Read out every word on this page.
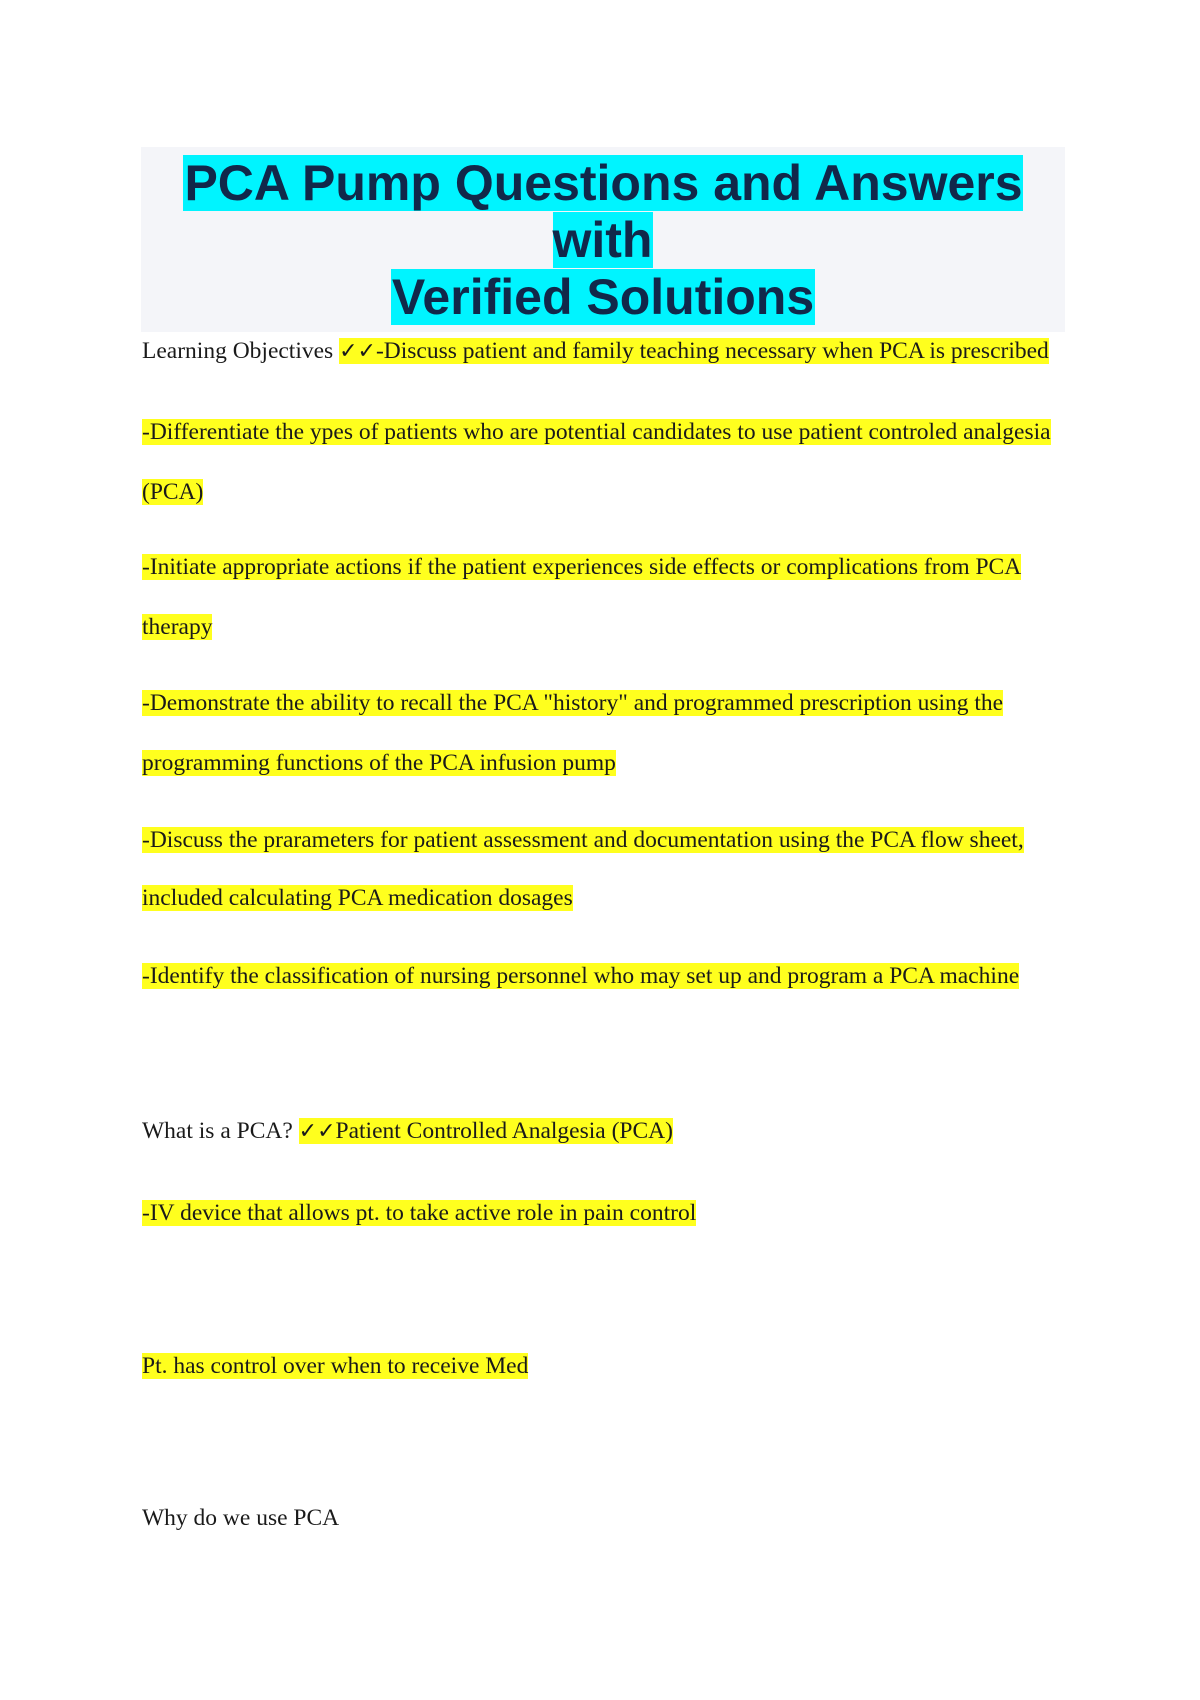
PCA Pump Questions and Answers with
Verified Solutions

Learning Objectives ✓✓-Discuss patient and family teaching necessary when PCA is prescribed

-Differentiate the ypes of patients who are potential candidates to use patient controled analgesia

(PCA)

-Initiate appropriate actions if the patient experiences side effects or complications from PCA

therapy

-Demonstrate the ability to recall the PCA "history" and programmed prescription using the

programming functions of the PCA infusion pump

-Discuss the prarameters for patient assessment and documentation using the PCA flow sheet,

included calculating PCA medication dosages

-Identify the classification of nursing personnel who may set up and program a PCA machine

What is a PCA? ✓✓Patient Controlled Analgesia (PCA)

-IV device that allows pt. to take active role in pain control

Pt. has control over when to receive Med

Why do we use PCA
